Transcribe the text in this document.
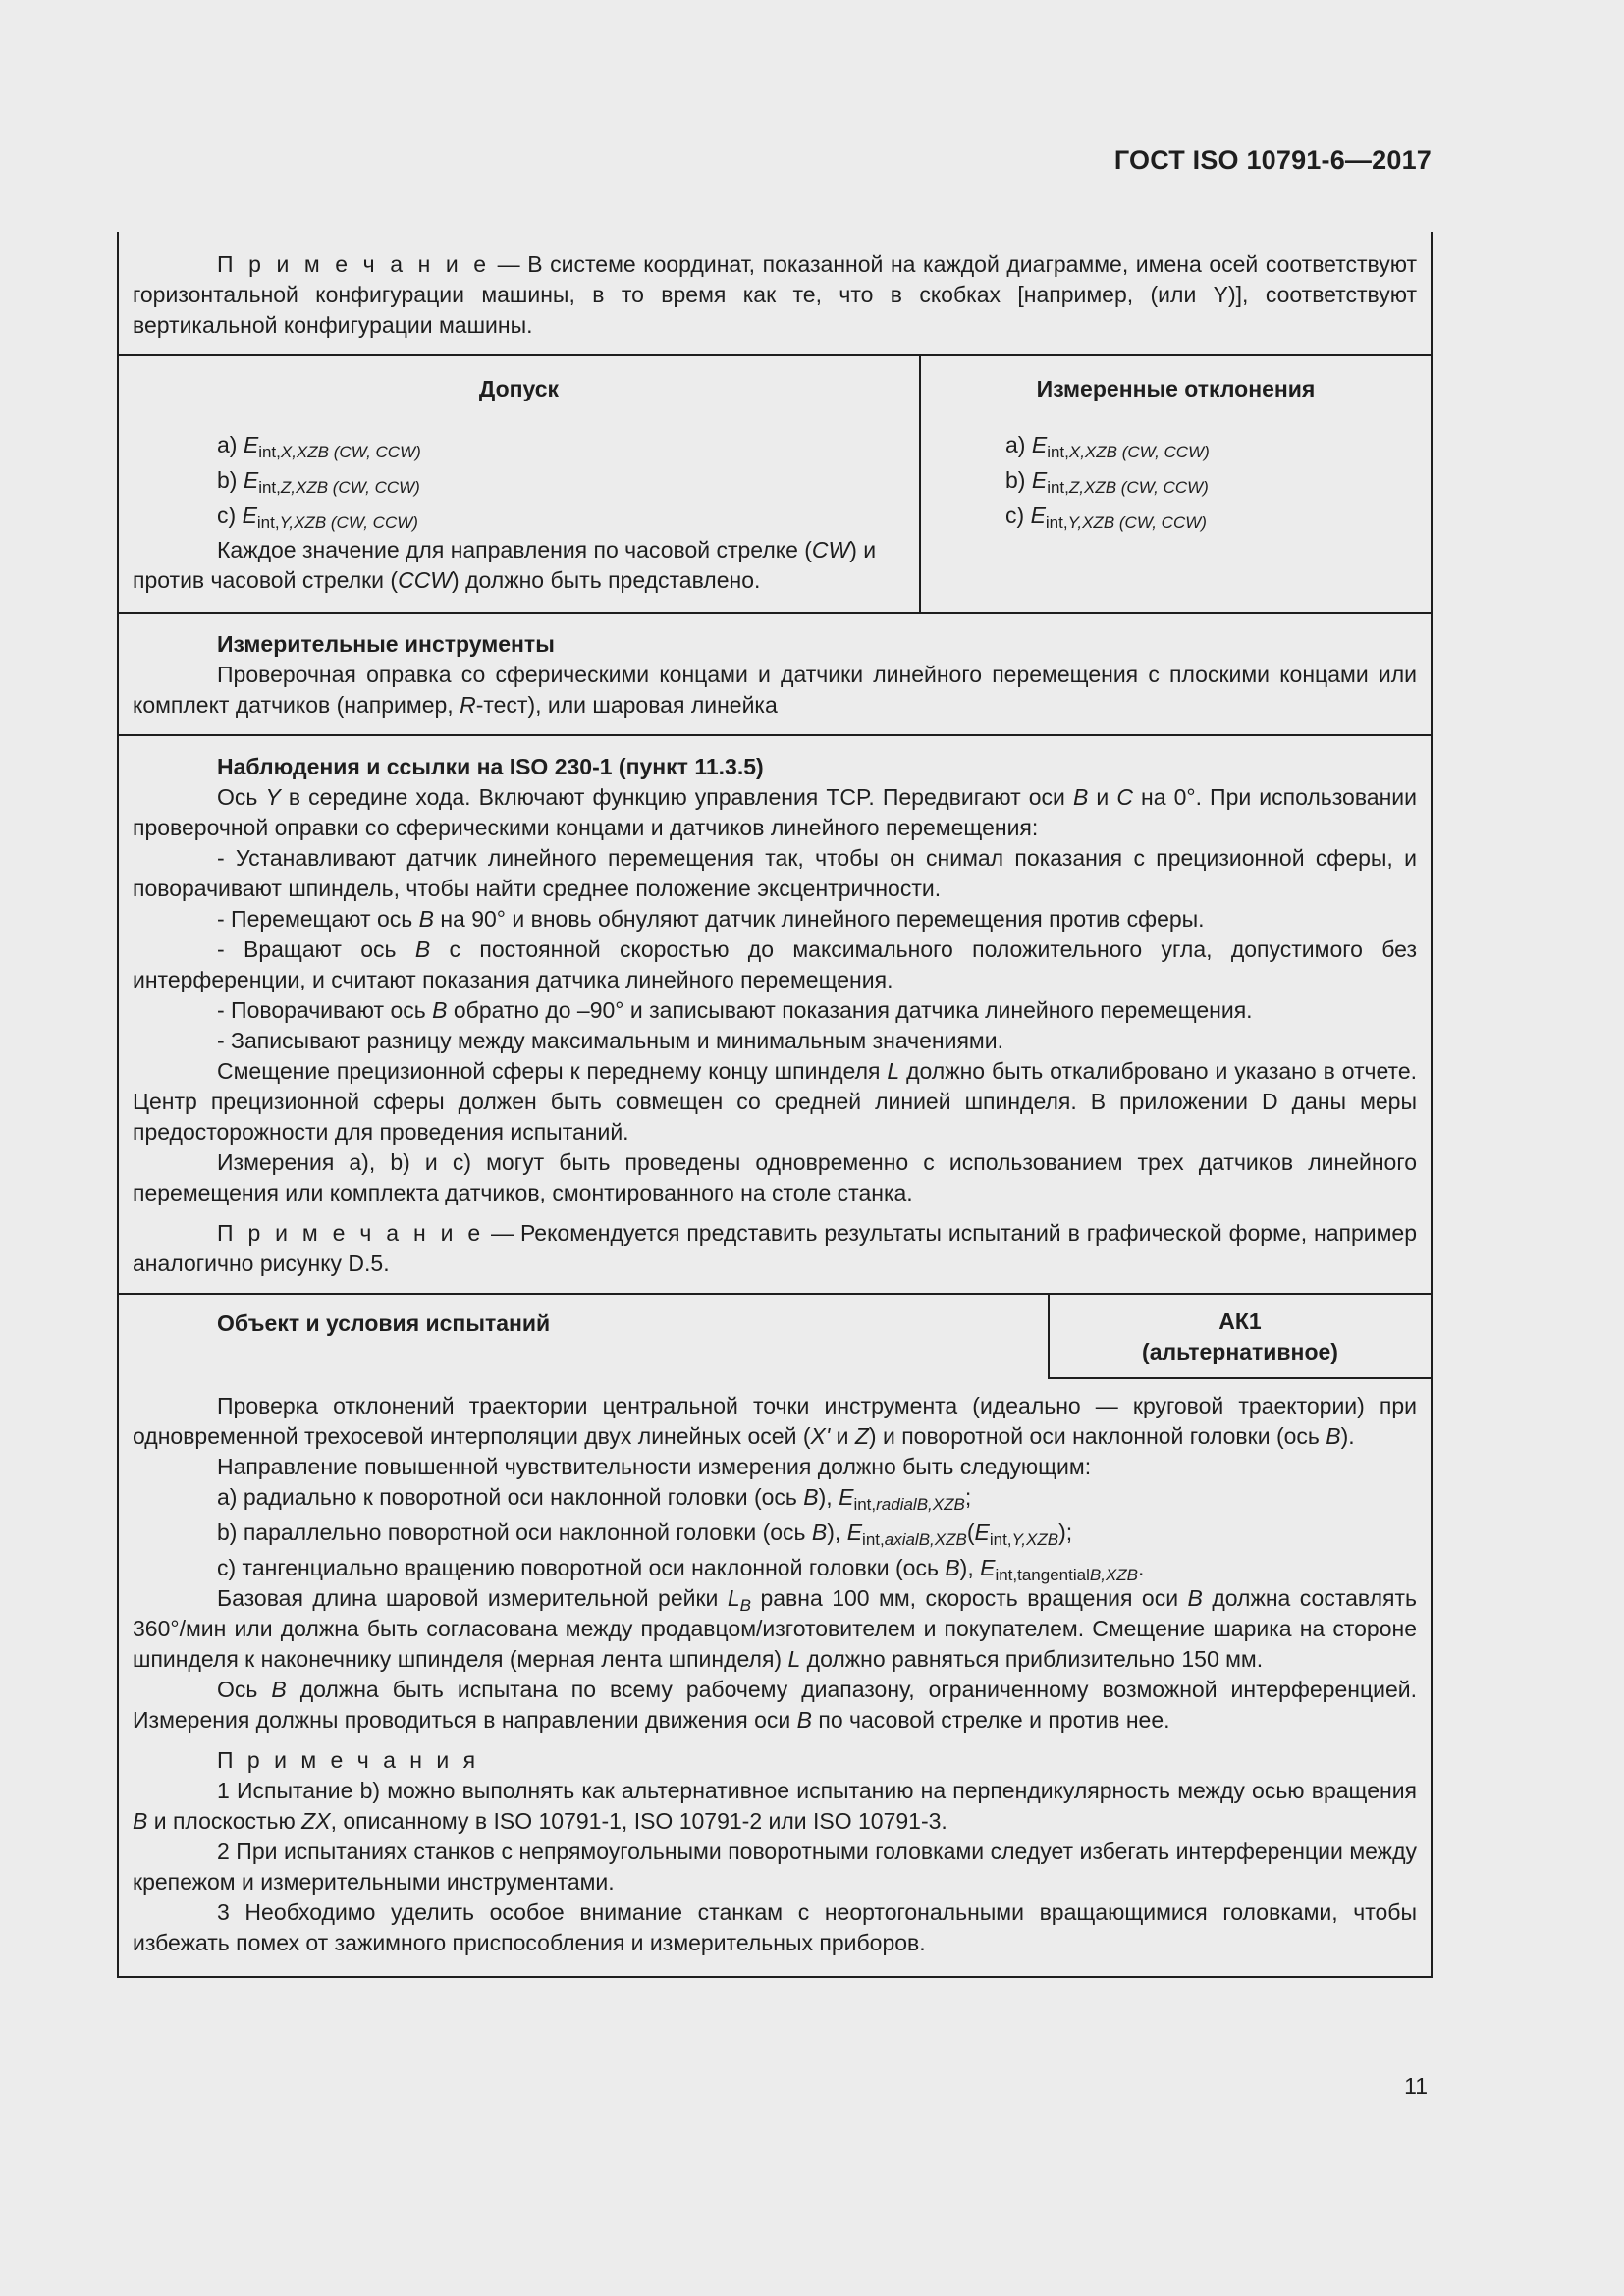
ГОСТ ISO 10791-6—2017

П р и м е ч а н и е — В системе координат, показанной на каждой диаграмме, имена осей соответствуют горизонтальной конфигурации машины, в то время как те, что в скобках [например, (или Y)], соответствуют вертикальной конфигурации машины.

Допуск

a) $E_{int,X,XZB (CW, CCW)}$

b) $E_{int,Z,XZB (CW, CCW)}$

c) $E_{int,Y,XZB (CW, CCW)}$

Каждое значение для направления по часовой стрелке (CW) и против часовой стрелки (CCW) должно быть представлено.

Измеренные отклонения

a) $E_{int,X,XZB (CW, CCW)}$

b) $E_{int,Z,XZB (CW, CCW)}$

c) $E_{int,Y,XZB (CW, CCW)}$

Измерительные инструменты

Проверочная оправка со сферическими концами и датчики линейного перемещения с плоскими концами или комплект датчиков (например, R-тест), или шаровая линейка

Наблюдения и ссылки на ISO 230-1 (пункт 11.3.5)

Ось Y в середине хода. Включают функцию управления TCP. Передвигают оси B и C на 0°. При использовании проверочной оправки со сферическими концами и датчиков линейного перемещения:

- Устанавливают датчик линейного перемещения так, чтобы он снимал показания с прецизионной сферы, и поворачивают шпиндель, чтобы найти среднее положение эксцентричности.

- Перемещают ось B на 90° и вновь обнуляют датчик линейного перемещения против сферы.

- Вращают ось B с постоянной скоростью до максимального положительного угла, допустимого без интерференции, и считают показания датчика линейного перемещения.

- Поворачивают ось B обратно до –90° и записывают показания датчика линейного перемещения.

- Записывают разницу между максимальным и минимальным значениями.

Смещение прецизионной сферы к переднему концу шпинделя L должно быть откалибровано и указано в отчете. Центр прецизионной сферы должен быть совмещен со средней линией шпинделя. В приложении D даны меры предосторожности для проведения испытаний.

Измерения a), b) и c) могут быть проведены одновременно с использованием трех датчиков линейного перемещения или комплекта датчиков, смонтированного на столе станка.

П р и м е ч а н и е — Рекомендуется представить результаты испытаний в графической форме, например аналогично рисунку D.5.

Объект и условия испытаний	АК1
(альтернативное)

Проверка отклонений траектории центральной точки инструмента (идеально — круговой траектории) при одновременной трехосевой интерполяции двух линейных осей (X' и Z) и поворотной оси наклонной головки (ось B).

Направление повышенной чувствительности измерения должно быть следующим:

a) радиально к поворотной оси наклонной головки (ось B), $E_{int,radialB,XZB}$;

b) параллельно поворотной оси наклонной головки (ось B), $E_{int,axialB,XZB}(E_{int,Y,XZB})$;

c) тангенциально вращению поворотной оси наклонной головки (ось B), $E_{int,tangentialB,XZB}$.

Базовая длина шаровой измерительной рейки $L_B$ равна 100 мм, скорость вращения оси B должна составлять 360°/мин или должна быть согласована между продавцом/изготовителем и покупателем. Смещение шарика на стороне шпинделя к наконечнику шпинделя (мерная лента шпинделя) L должно равняться приблизительно 150 мм.

Ось B должна быть испытана по всему рабочему диапазону, ограниченному возможной интерференцией. Измерения должны проводиться в направлении движения оси B по часовой стрелке и против нее.

П р и м е ч а н и я

1 Испытание b) можно выполнять как альтернативное испытанию на перпендикулярность между осью вращения B и плоскостью ZX, описанному в ISO 10791-1, ISO 10791-2 или ISO 10791-3.

2 При испытаниях станков с непрямоугольными поворотными головками следует избегать интерференции между крепежом и измерительными инструментами.

3 Необходимо уделить особое внимание станкам с неортогональными вращающимися головками, чтобы избежать помех от зажимного приспособления и измерительных приборов.

11
